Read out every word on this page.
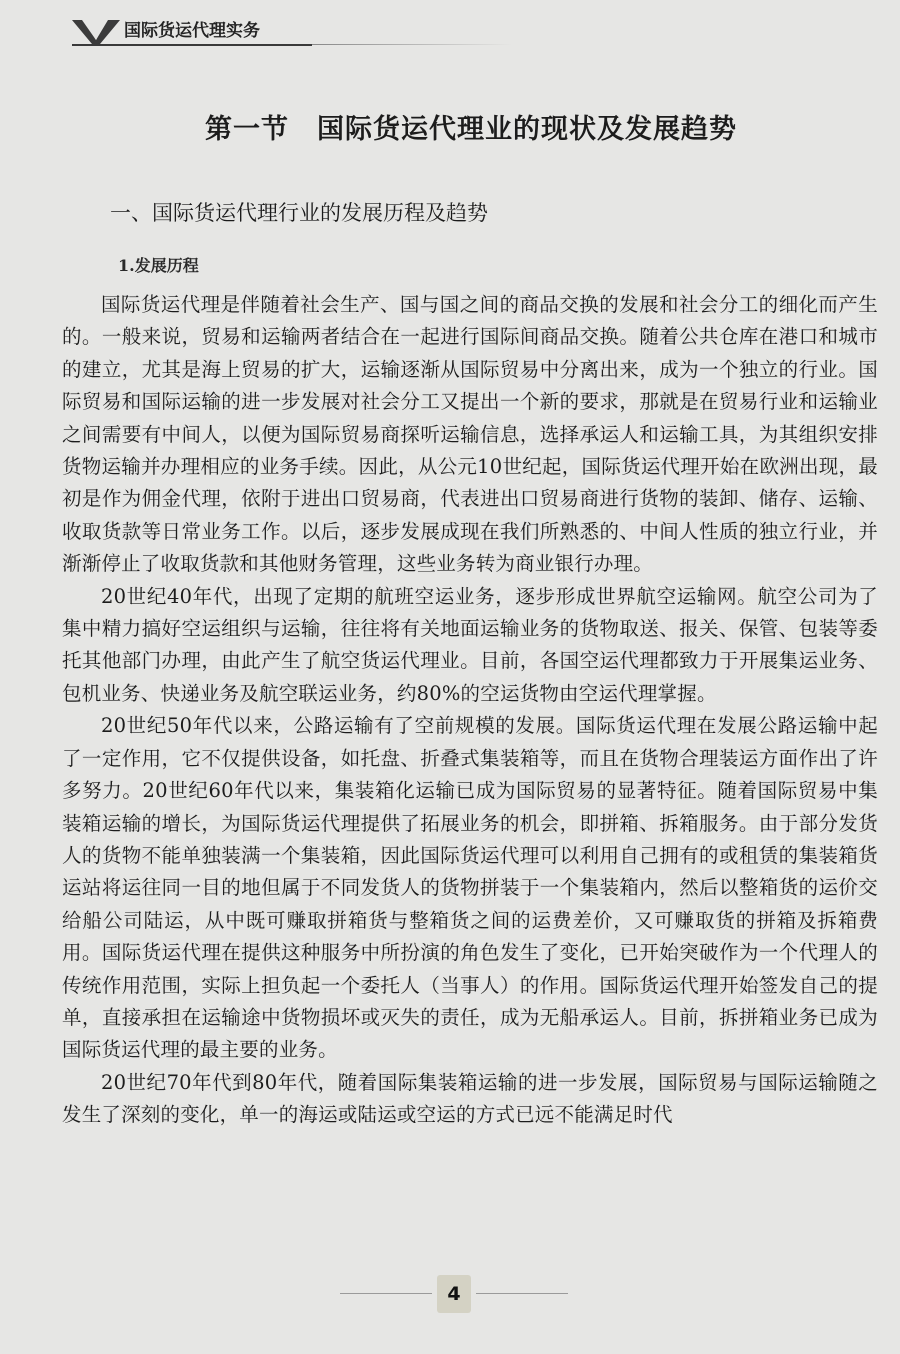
国际货运代理实务
第一节　国际货运代理业的现状及发展趋势
一、国际货运代理行业的发展历程及趋势
1.发展历程

国际货运代理是伴随着社会生产、国与国之间的商品交换的发展和社会分工的细化而产生的。一般来说，贸易和运输两者结合在一起进行国际间商品交换。随着公共仓库在港口和城市的建立，尤其是海上贸易的扩大，运输逐渐从国际贸易中分离出来，成为一个独立的行业。国际贸易和国际运输的进一步发展对社会分工又提出一个新的要求，那就是在贸易行业和运输业之间需要有中间人，以便为国际贸易商探听运输信息，选择承运人和运输工具，为其组织安排货物运输并办理相应的业务手续。因此，从公元10世纪起，国际货运代理开始在欧洲出现，最初是作为佣金代理，依附于进出口贸易商，代表进出口贸易商进行货物的装卸、储存、运输、收取货款等日常业务工作。以后，逐步发展成现在我们所熟悉的、中间人性质的独立行业，并渐渐停止了收取货款和其他财务管理，这些业务转为商业银行办理。

20世纪40年代，出现了定期的航班空运业务，逐步形成世界航空运输网。航空公司为了集中精力搞好空运组织与运输，往往将有关地面运输业务的货物取送、报关、保管、包装等委托其他部门办理，由此产生了航空货运代理业。目前，各国空运代理都致力于开展集运业务、包机业务、快递业务及航空联运业务，约80%的空运货物由空运代理掌握。

20世纪50年代以来，公路运输有了空前规模的发展。国际货运代理在发展公路运输中起了一定作用，它不仅提供设备，如托盘、折叠式集装箱等，而且在货物合理装运方面作出了许多努力。20世纪60年代以来，集装箱化运输已成为国际贸易的显著特征。随着国际贸易中集装箱运输的增长，为国际货运代理提供了拓展业务的机会，即拼箱、拆箱服务。由于部分发货人的货物不能单独装满一个集装箱，因此国际货运代理可以利用自己拥有的或租赁的集装箱货运站将运往同一目的地但属于不同发货人的货物拼装于一个集装箱内，然后以整箱货的运价交给船公司陆运，从中既可赚取拼箱货与整箱货之间的运费差价，又可赚取货的拼箱及拆箱费用。国际货运代理在提供这种服务中所扮演的角色发生了变化，已开始突破作为一个代理人的传统作用范围，实际上担负起一个委托人（当事人）的作用。国际货运代理开始签发自己的提单，直接承担在运输途中货物损坏或灭失的责任，成为无船承运人。目前，拆拼箱业务已成为国际货运代理的最主要的业务。

20世纪70年代到80年代，随着国际集装箱运输的进一步发展，国际贸易与国际运输随之发生了深刻的变化，单一的海运或陆运或空运的方式已远不能满足时代

4
